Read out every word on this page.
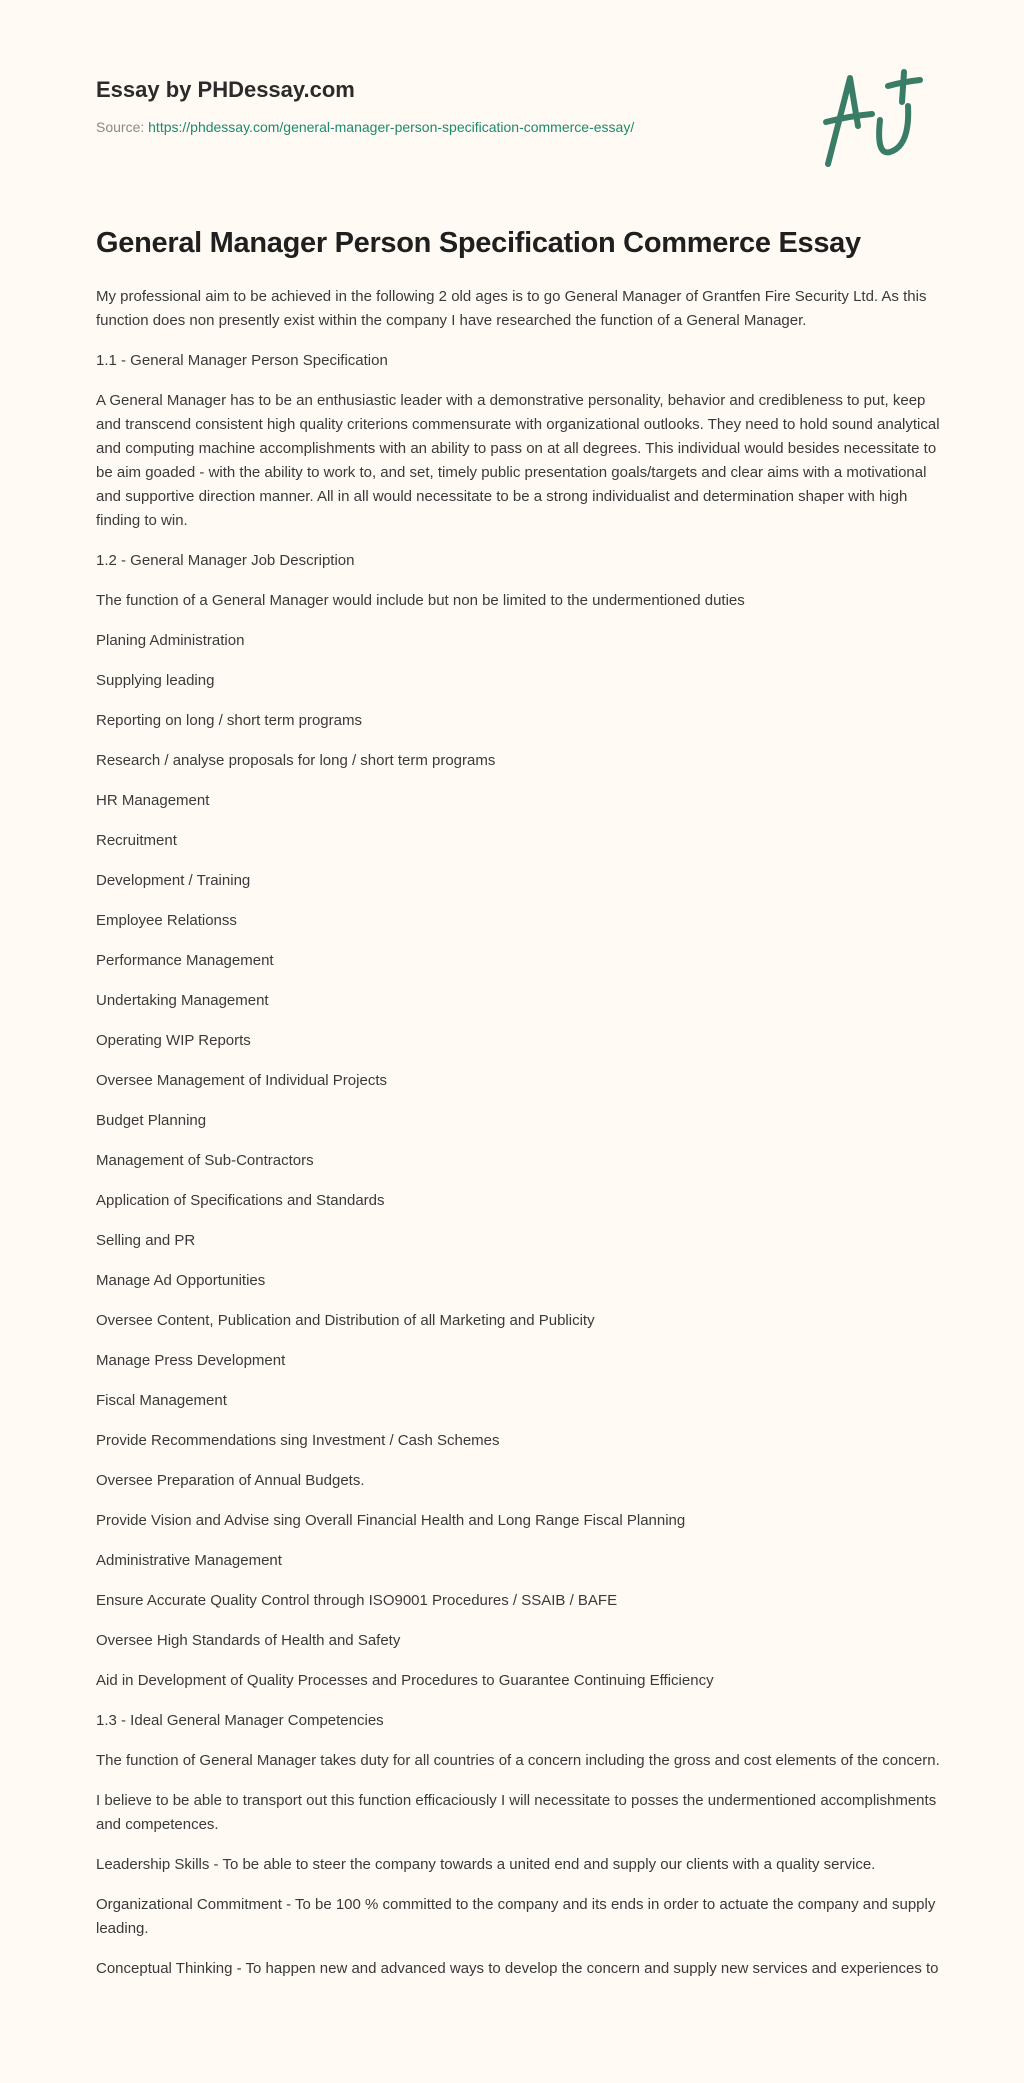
Essay by PHDessay.com
Source: https://phdessay.com/general-manager-person-specification-commerce-essay/
General Manager Person Specification Commerce Essay

My professional aim to be achieved in the following 2 old ages is to go General Manager of Grantfen Fire Security Ltd. As this function does non presently exist within the company I have researched the function of a General Manager.

1.1 - General Manager Person Specification

A General Manager has to be an enthusiastic leader with a demonstrative personality, behavior and credibleness to put, keep and transcend consistent high quality criterions commensurate with organizational outlooks. They need to hold sound analytical and computing machine accomplishments with an ability to pass on at all degrees. This individual would besides necessitate to be aim goaded - with the ability to work to, and set, timely public presentation goals/targets and clear aims with a motivational and supportive direction manner. All in all would necessitate to be a strong individualist and determination shaper with high finding to win.

1.2 - General Manager Job Description

The function of a General Manager would include but non be limited to the undermentioned duties

Planing Administration

Supplying leading

Reporting on long / short term programs

Research / analyse proposals for long / short term programs

HR Management

Recruitment

Development / Training

Employee Relationss

Performance Management

Undertaking Management

Operating WIP Reports

Oversee Management of Individual Projects

Budget Planning

Management of Sub-Contractors

Application of Specifications and Standards

Selling and PR

Manage Ad Opportunities

Oversee Content, Publication and Distribution of all Marketing and Publicity

Manage Press Development

Fiscal Management

Provide Recommendations sing Investment / Cash Schemes

Oversee Preparation of Annual Budgets.

Provide Vision and Advise sing Overall Financial Health and Long Range Fiscal Planning

Administrative Management

Ensure Accurate Quality Control through ISO9001 Procedures / SSAIB / BAFE

Oversee High Standards of Health and Safety

Aid in Development of Quality Processes and Procedures to Guarantee Continuing Efficiency

1.3 - Ideal General Manager Competencies

The function of General Manager takes duty for all countries of a concern including the gross and cost elements of the concern.

I believe to be able to transport out this function efficaciously I will necessitate to posses the undermentioned accomplishments and competences.

Leadership Skills - To be able to steer the company towards a united end and supply our clients with a quality service.

Organizational Commitment - To be 100 % committed to the company and its ends in order to actuate the company and supply leading.

Conceptual Thinking - To happen new and advanced ways to develop the concern and supply new services and experiences to
